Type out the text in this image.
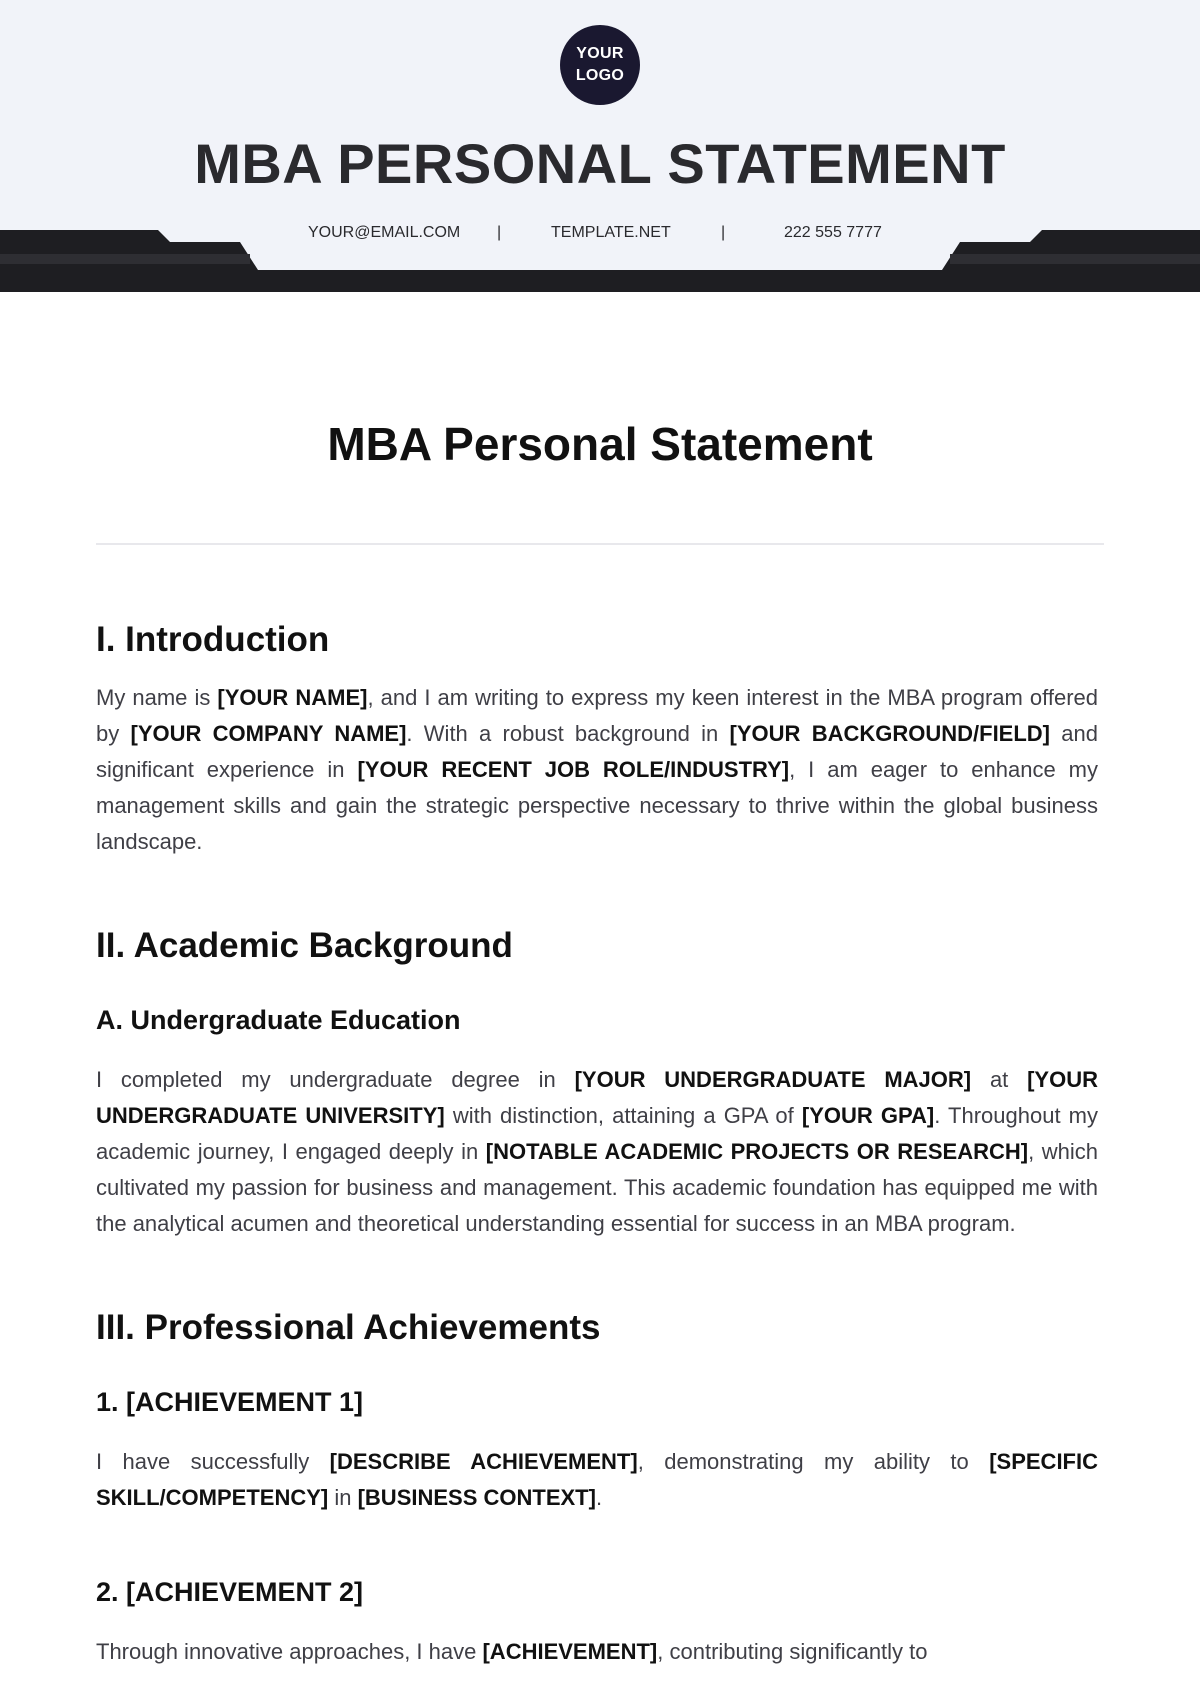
YOUR
LOGO
MBA PERSONAL STATEMENT
YOUR@EMAIL.COM |	TEMPLATE.NET	|	222 555 7777
MBA Personal Statement
I. Introduction

My name is [YOUR NAME], and I am writing to express my keen interest in the MBA program offered by [YOUR COMPANY NAME]. With a robust background in [YOUR BACKGROUND/FIELD] and significant experience in [YOUR RECENT JOB ROLE/INDUSTRY], I am eager to enhance my management skills and gain the strategic perspective necessary to thrive within the global business landscape.

II. Academic Background
A. Undergraduate Education

I completed my undergraduate degree in [YOUR UNDERGRADUATE MAJOR] at [YOUR UNDERGRADUATE UNIVERSITY] with distinction, attaining a GPA of [YOUR GPA]. Throughout my academic journey, I engaged deeply in [NOTABLE ACADEMIC PROJECTS OR RESEARCH], which cultivated my passion for business and management. This academic foundation has equipped me with the analytical acumen and theoretical understanding essential for success in an MBA program.

III. Professional Achievements
1. [ACHIEVEMENT 1]

I have successfully [DESCRIBE ACHIEVEMENT], demonstrating my ability to [SPECIFIC SKILL/COMPETENCY] in [BUSINESS CONTEXT].

2. [ACHIEVEMENT 2]

Through innovative approaches, I have [ACHIEVEMENT], contributing significantly to
